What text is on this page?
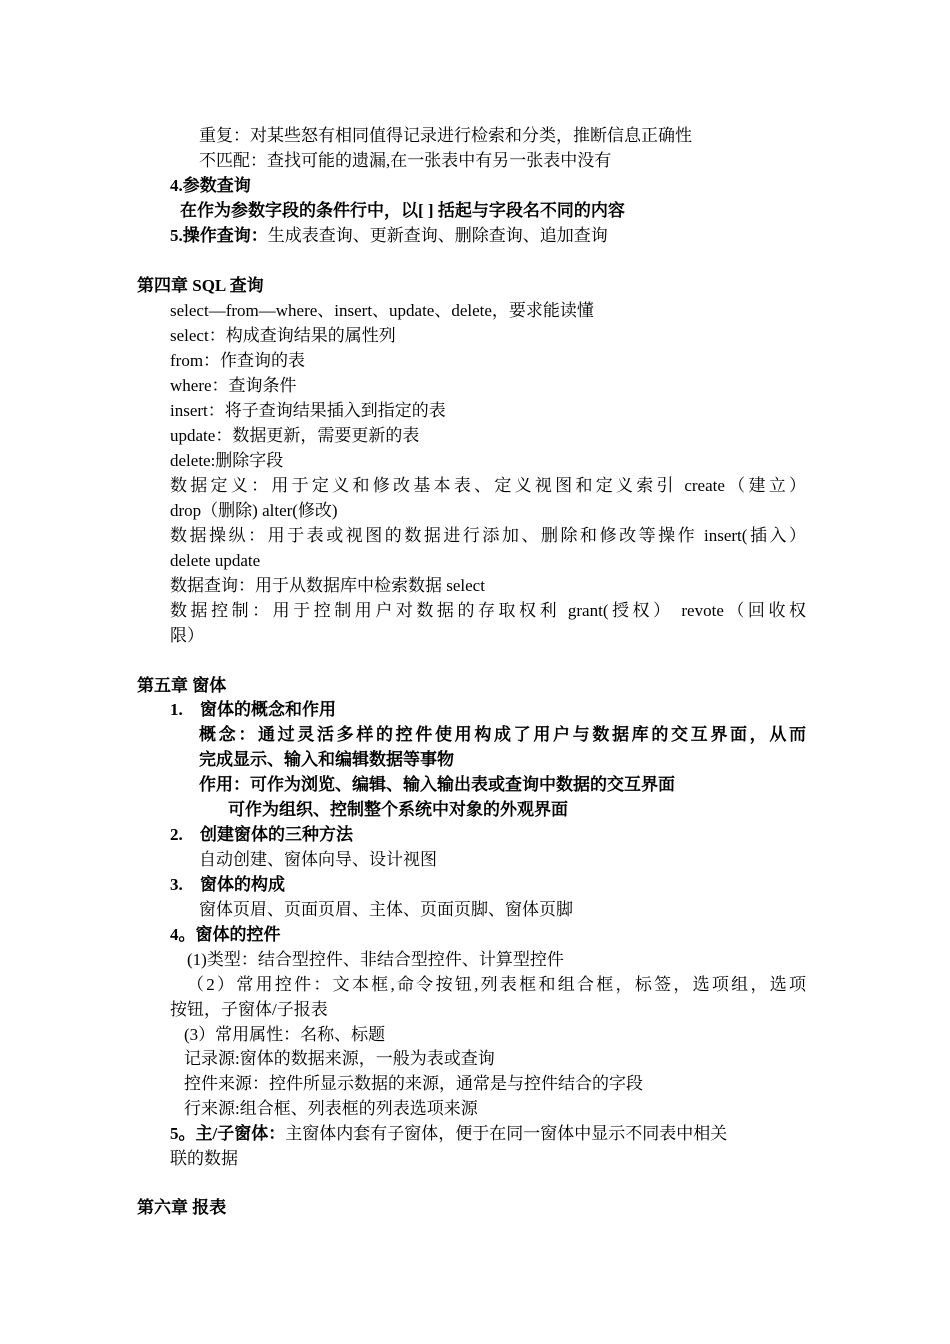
重复：对某些怒有相同值得记录进行检索和分类，推断信息正确性
不匹配：查找可能的遗漏,在一张表中有另一张表中没有
4.参数查询
在作为参数字段的条件行中，以[ ] 括起与字段名不同的内容
5.操作查询：生成表查询、更新查询、删除查询、追加查询
第四章 SQL 查询
select—from—where、insert、update、delete，要求能读懂
select：构成查询结果的属性列
from：作查询的表
where：查询条件
insert：将子查询结果插入到指定的表
update：数据更新，需要更新的表
delete:删除字段
数据定义：用于定义和修改基本表、定义视图和定义索引 create（建立）
drop（删除) alter(修改)
数据操纵：用于表或视图的数据进行添加、删除和修改等操作 insert(插入）
delete update
数据查询：用于从数据库中检索数据 select
数据控制：用于控制用户对数据的存取权利 grant(授权） revote（回收权
限）
第五章 窗体
1. 窗体的概念和作用
概念：通过灵活多样的控件使用构成了用户与数据库的交互界面，从而
完成显示、输入和编辑数据等事物
作用：可作为浏览、编辑、输入输出表或查询中数据的交互界面
可作为组织、控制整个系统中对象的外观界面
2. 创建窗体的三种方法
自动创建、窗体向导、设计视图
3. 窗体的构成
窗体页眉、页面页眉、主体、页面页脚、窗体页脚
4。窗体的控件
(1)类型：结合型控件、非结合型控件、计算型控件
（2）常用控件：文本框,命令按钮,列表框和组合框，标签，选项组，选项
按钮，子窗体/子报表
(3）常用属性：名称、标题
记录源:窗体的数据来源，一般为表或查询
控件来源：控件所显示数据的来源，通常是与控件结合的字段
行来源:组合框、列表框的列表选项来源
5。主/子窗体：主窗体内套有子窗体，便于在同一窗体中显示不同表中相关
联的数据
第六章 报表
